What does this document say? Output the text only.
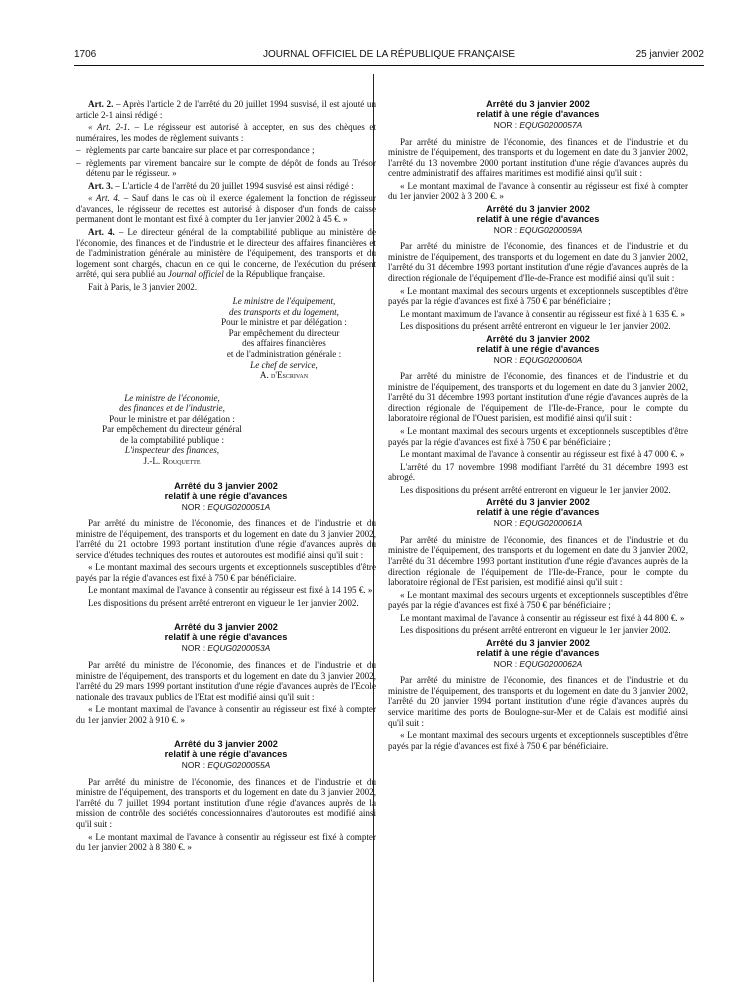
1706	JOURNAL OFFICIEL DE LA RÉPUBLIQUE FRANÇAISE	25 janvier 2002

Art. 2. – Après l'article 2 de l'arrêté du 20 juillet 1994 susvisé, il est ajouté un article 2-1 ainsi rédigé :

« Art. 2-1. – Le régisseur est autorisé à accepter, en sus des chèques et numéraires, les modes de règlement suivants :

– règlements par carte bancaire sur place et par correspondance ;

– règlements par virement bancaire sur le compte de dépôt de fonds au Trésor détenu par le régisseur. »

Art. 3. – L'article 4 de l'arrêté du 20 juillet 1994 susvisé est ainsi rédigé :

« Art. 4. – Sauf dans le cas où il exerce également la fonction de régisseur d'avances, le régisseur de recettes est autorisé à disposer d'un fonds de caisse permanent dont le montant est fixé à compter du 1er janvier 2002 à 45 €. »

Art. 4. – Le directeur général de la comptabilité publique au ministère de l'économie, des finances et de l'industrie et le directeur des affaires financières et de l'administration générale au ministère de l'équipement, des transports et du logement sont chargés, chacun en ce qui le concerne, de l'exécution du présent arrêté, qui sera publié au Journal officiel de la République française.

Fait à Paris, le 3 janvier 2002.

Le ministre de l'équipement,

des transports et du logement,

Pour le ministre et par délégation :

Par empêchement du directeur

des affaires financières

et de l'administration générale :

Le chef de service,

A. d'Escrivan

Le ministre de l'économie,

des finances et de l'industrie,

Pour le ministre et par délégation :

Par empêchement du directeur général

de la comptabilité publique :

L'inspecteur des finances,

J.-L. Rouquette

Arrêté du 3 janvier 2002
relatif à une régie d'avances
NOR : EQUG0200051A

Par arrêté du ministre de l'économie, des finances et de l'industrie et du ministre de l'équipement, des transports et du logement en date du 3 janvier 2002, l'arrêté du 21 octobre 1993 portant institution d'une régie d'avances auprès du service d'études techniques des routes et autoroutes est modifié ainsi qu'il suit :

« Le montant maximal des secours urgents et exceptionnels susceptibles d'être payés par la régie d'avances est fixé à 750 € par bénéficiaire.

Le montant maximal de l'avance à consentir au régisseur est fixé à 14 195 €. »

Les dispositions du présent arrêté entreront en vigueur le 1er janvier 2002.

Arrêté du 3 janvier 2002
relatif à une régie d'avances
NOR : EQUG0200053A

Par arrêté du ministre de l'économie, des finances et de l'industrie et du ministre de l'équipement, des transports et du logement en date du 3 janvier 2002, l'arrêté du 29 mars 1999 portant institution d'une régie d'avances auprès de l'Ecole nationale des travaux publics de l'Etat est modifié ainsi qu'il suit :

« Le montant maximal de l'avance à consentir au régisseur est fixé à compter du 1er janvier 2002 à 910 €. »

Arrêté du 3 janvier 2002
relatif à une régie d'avances
NOR : EQUG0200055A

Par arrêté du ministre de l'économie, des finances et de l'industrie et du ministre de l'équipement, des transports et du logement en date du 3 janvier 2002, l'arrêté du 7 juillet 1994 portant institution d'une régie d'avances auprès de la mission de contrôle des sociétés concessionnaires d'autoroutes est modifié ainsi qu'il suit :

« Le montant maximal de l'avance à consentir au régisseur est fixé à compter du 1er janvier 2002 à 8 380 €. »

Arrêté du 3 janvier 2002
relatif à une régie d'avances
NOR : EQUG0200057A

Par arrêté du ministre de l'économie, des finances et de l'industrie et du ministre de l'équipement, des transports et du logement en date du 3 janvier 2002, l'arrêté du 13 novembre 2000 portant institution d'une régie d'avances auprès du centre administratif des affaires maritimes est modifié ainsi qu'il suit :

« Le montant maximal de l'avance à consentir au régisseur est fixé à compter du 1er janvier 2002 à 3 200 €. »

Arrêté du 3 janvier 2002
relatif à une régie d'avances
NOR : EQUG0200059A

Par arrêté du ministre de l'économie, des finances et de l'industrie et du ministre de l'équipement, des transports et du logement en date du 3 janvier 2002, l'arrêté du 31 décembre 1993 portant institution d'une régie d'avances auprès de la direction régionale de l'équipement d'Ile-de-France est modifié ainsi qu'il suit :

« Le montant maximal des secours urgents et exceptionnels susceptibles d'être payés par la régie d'avances est fixé à 750 € par bénéficiaire ;

Le montant maximum de l'avance à consentir au régisseur est fixé à 1 635 €. »

Les dispositions du présent arrêté entreront en vigueur le 1er janvier 2002.

Arrêté du 3 janvier 2002
relatif à une régie d'avances
NOR : EQUG0200060A

Par arrêté du ministre de l'économie, des finances et de l'industrie et du ministre de l'équipement, des transports et du logement en date du 3 janvier 2002, l'arrêté du 31 décembre 1993 portant institution d'une régie d'avances auprès de la direction régionale de l'équipement de l'Ile-de-France, pour le compte du laboratoire régional de l'Ouest parisien, est modifié ainsi qu'il suit :

« Le montant maximal des secours urgents et exceptionnels susceptibles d'être payés par la régie d'avances est fixé à 750 € par bénéficiaire ;

Le montant maximal de l'avance à consentir au régisseur est fixé à 47 000 €. »

L'arrêté du 17 novembre 1998 modifiant l'arrêté du 31 décembre 1993 est abrogé.

Les dispositions du présent arrêté entreront en vigueur le 1er janvier 2002.

Arrêté du 3 janvier 2002
relatif à une régie d'avances
NOR : EQUG0200061A

Par arrêté du ministre de l'économie, des finances et de l'industrie et du ministre de l'équipement, des transports et du logement en date du 3 janvier 2002, l'arrêté du 31 décembre 1993 portant institution d'une régie d'avances auprès de la direction régionale de l'équipement de l'Ile-de-France, pour le compte du laboratoire régional de l'Est parisien, est modifié ainsi qu'il suit :

« Le montant maximal des secours urgents et exceptionnels susceptibles d'être payés par la régie d'avances est fixé à 750 € par bénéficiaire ;

Le montant maximal de l'avance à consentir au régisseur est fixé à 44 800 €. »

Les dispositions du présent arrêté entreront en vigueur le 1er janvier 2002.

Arrêté du 3 janvier 2002
relatif à une régie d'avances
NOR : EQUG0200062A

Par arrêté du ministre de l'économie, des finances et de l'industrie et du ministre de l'équipement, des transports et du logement en date du 3 janvier 2002, l'arrêté du 20 janvier 1994 portant institution d'une régie d'avances auprès du service maritime des ports de Boulogne-sur-Mer et de Calais est modifié ainsi qu'il suit :

« Le montant maximal des secours urgents et exceptionnels susceptibles d'être payés par la régie d'avances est fixé à 750 € par bénéficiaire.
